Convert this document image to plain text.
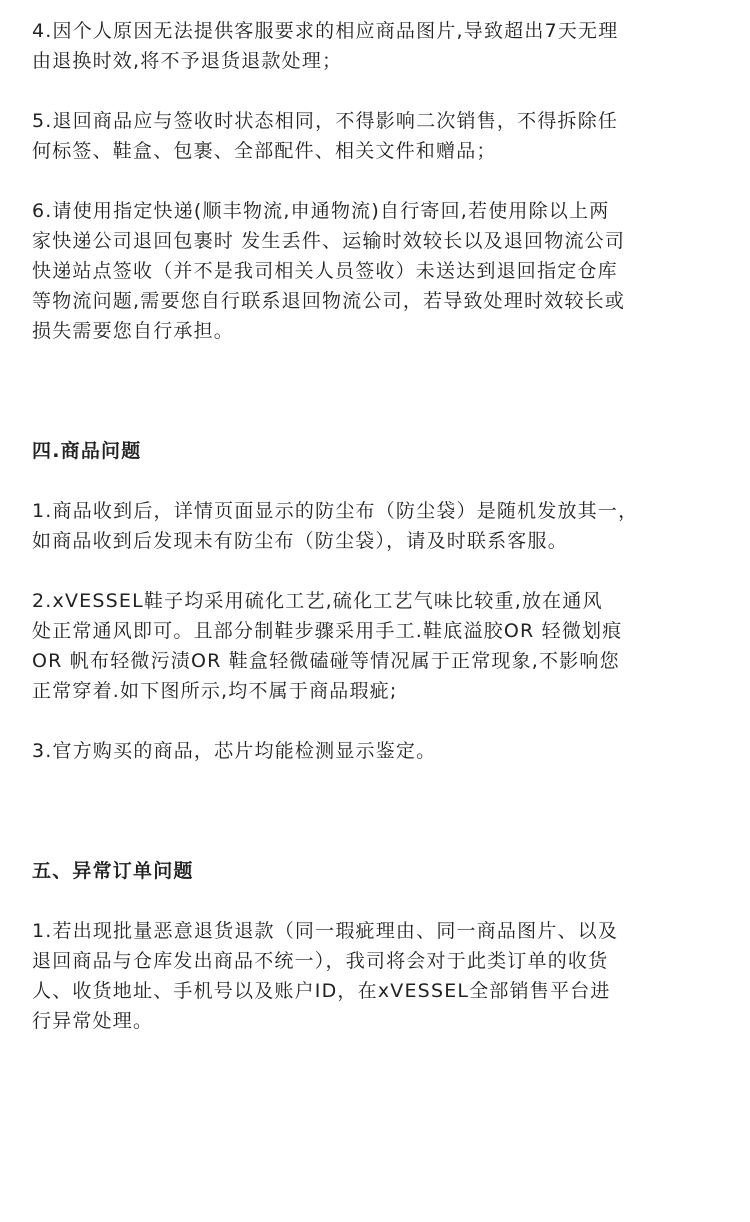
4.因个人原因无法提供客服要求的相应商品图片,导致超出7天无理
由退换时效,将不予退货退款处理；

5.退回商品应与签收时状态相同，不得影响二次销售，不得拆除任
何标签、鞋盒、包裹、全部配件、相关文件和赠品；

6.请使用指定快递(顺丰物流,申通物流)自行寄回,若使用除以上两
家快递公司退回包裹时 发生丢件、运输时效较长以及退回物流公司
快递站点签收（并不是我司相关人员签收）未送达到退回指定仓库
等物流问题,需要您自行联系退回物流公司，若导致处理时效较长或
损失需要您自行承担。

四.商品问题

1.商品收到后，详情页面显示的防尘布（防尘袋）是随机发放其一，
如商品收到后发现未有防尘布（防尘袋），请及时联系客服。

2.xVESSEL鞋子均采用硫化工艺,硫化工艺气味比较重,放在通风
处正常通风即可。且部分制鞋步骤采用手工.鞋底溢胶OR 轻微划痕
OR 帆布轻微污渍OR 鞋盒轻微磕碰等情况属于正常现象,不影响您
正常穿着.如下图所示,均不属于商品瑕疵;

3.官方购买的商品，芯片均能检测显示鉴定。

五、异常订单问题

1.若出现批量恶意退货退款（同一瑕疵理由、同一商品图片、以及
退回商品与仓库发出商品不统一），我司将会对于此类订单的收货
人、收货地址、手机号以及账户ID，在xVESSEL全部销售平台进
行异常处理。
